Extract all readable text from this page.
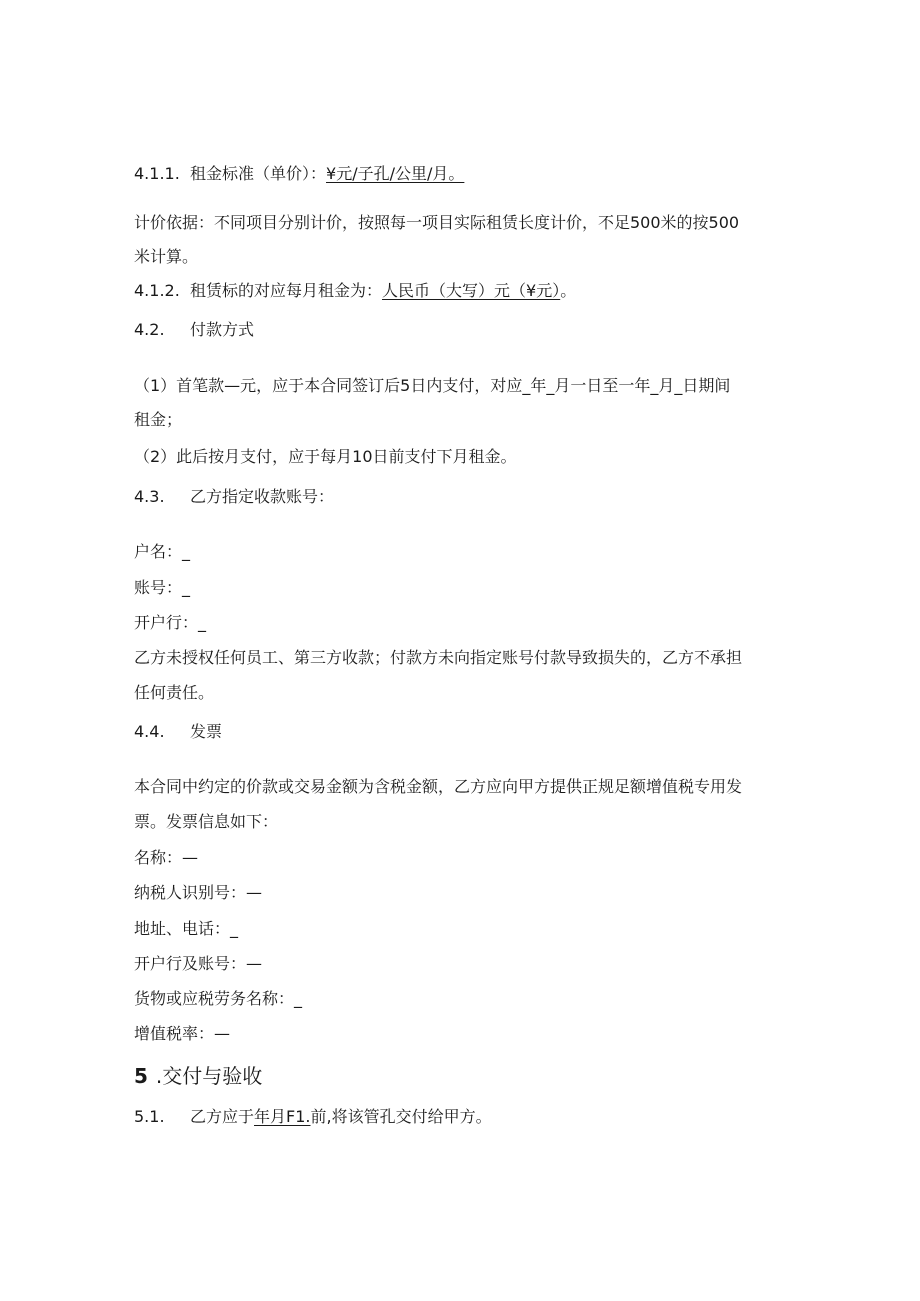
4.1.1. 租金标准（单价）：¥元/子孔/公里/月。
计价依据：不同项目分别计价，按照每一项目实际租赁长度计价，不足500米的按500
米计算。
4.1.2. 租赁标的对应每月租金为：人民币（大写）元（¥元）。
4.2. 付款方式
（1）首笔款—元，应于本合同签订后5日内支付，对应_年_月一日至一年_月_日期间
租金；
（2）此后按月支付，应于每月10日前支付下月租金。
4.3. 乙方指定收款账号：
户名：_
账号：_
开户行：_
乙方未授权任何员工、第三方收款；付款方未向指定账号付款导致损失的，乙方不承担
任何责任。
4.4. 发票
本合同中约定的价款或交易金额为含税金额，乙方应向甲方提供正规足额增值税专用发
票。发票信息如下：
名称：—
纳税人识别号：—
地址、电话：_
开户行及账号：—
货物或应税劳务名称：_
增值税率：—
5 .交付与验收
5.1. 乙方应于年月F1.前,将该管孔交付给甲方。
